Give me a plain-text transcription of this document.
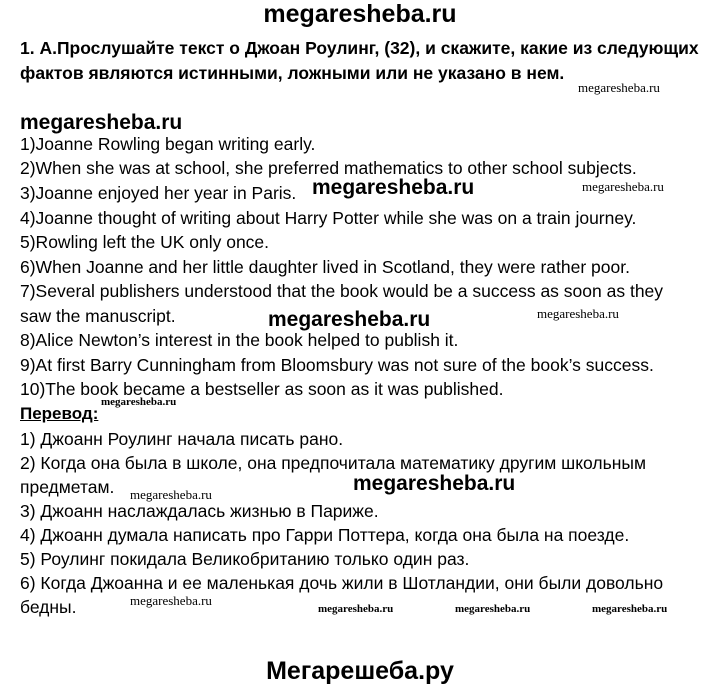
megaresheba.ru
1. А.Прослушайте текст о Джоан Роулинг, (32), и скажите, какие из следующих фактов являются истинными, ложными или не указано в нем.
1)Joanne Rowling began writing early.
2)When she was at school, she preferred mathematics to other school subjects.
3)Joanne enjoyed her year in Paris.
4)Joanne thought of writing about Harry Potter while she was on a train journey.
5)Rowling left the UK only once.
6)When Joanne and her little daughter lived in Scotland, they were rather poor.
7)Several publishers understood that the book would be a success as soon as they
saw the manuscript.
8)Alice Newton’s interest in the book helped to publish it.
9)At first Barry Cunningham from Bloomsbury was not sure of the book’s success.
10)The book became a bestseller as soon as it was published.
Перевод:
1) Джоанн Роулинг начала писать рано.
2) Когда она была в школе, она предпочитала математику другим школьным
предметам.
3) Джоанн наслаждалась жизнью в Париже.
4) Джоанн думала написать про Гарри Поттера, когда она была на поезде.
5) Роулинг покидала Великобританию только один раз.
6) Когда Джоанна и ее маленькая дочь жили в Шотландии, они были довольно
бедны.
megaresheba.ru
megaresheba.ru
megaresheba.ru
megaresheba.ru
megaresheba.ru
megaresheba.ru
megaresheba.ru
megaresheba.ru
megaresheba.ru
megaresheba.ru
megaresheba.ru	megaresheba.ru	megaresheba.ru
Мегарешеба.ру
